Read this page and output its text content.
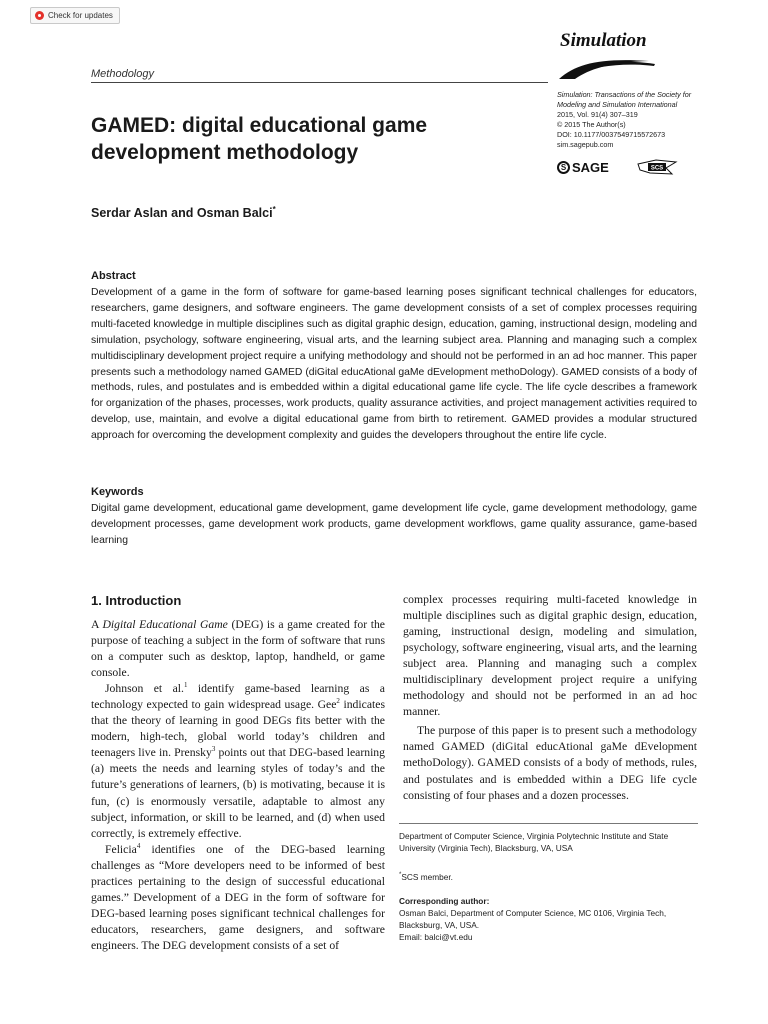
Check for updates
Methodology
Simulation
Simulation: Transactions of the Society for Modeling and Simulation International
2015, Vol. 91(4) 307–319
© 2015 The Author(s)
DOI: 10.1177/0037549715572673
sim.sagepub.com
S SAGE	SCS
GAMED: digital educational game development methodology
Serdar Aslan and Osman Balci*
Abstract
Development of a game in the form of software for game-based learning poses significant technical challenges for educators, researchers, game designers, and software engineers. The game development consists of a set of complex processes requiring multi-faceted knowledge in multiple disciplines such as digital graphic design, education, gaming, instructional design, modeling and simulation, psychology, software engineering, visual arts, and the learning subject area. Planning and managing such a complex multidisciplinary development project require a unifying methodology and should not be performed in an ad hoc manner. This paper presents such a methodology named GAMED (diGital educAtional gaMe dEvelopment methoDology). GAMED consists of a body of methods, rules, and postulates and is embedded within a digital educational game life cycle. The life cycle describes a framework for organization of the phases, processes, work products, quality assurance activities, and project management activities required to develop, use, maintain, and evolve a digital educational game from birth to retirement. GAMED provides a modular structured approach for overcoming the development complexity and guides the developers throughout the entire life cycle.
Keywords
Digital game development, educational game development, game development life cycle, game development methodology, game development processes, game development work products, game development workflows, game quality assurance, game-based learning
1. Introduction

A Digital Educational Game (DEG) is a game created for the purpose of teaching a subject in the form of software that runs on a computer such as desktop, laptop, handheld, or game console.

Johnson et al.$^1$ identify game-based learning as a technology expected to gain widespread usage. Gee$^2$ indicates that the theory of learning in good DEGs fits better with the modern, high-tech, global world today’s children and teenagers live in. Prensky$^3$ points out that DEG-based learning (a) meets the needs and learning styles of today’s and the future’s generations of learners, (b) is motivating, because it is fun, (c) is enormously versatile, adaptable to almost any subject, information, or skill to be learned, and (d) when used correctly, is extremely effective.

Felicia$^4$ identifies one of the DEG-based learning challenges as “More developers need to be informed of best practices pertaining to the design of successful educational games.” Development of a DEG in the form of software for DEG-based learning poses significant technical challenges for educators, researchers, game designers, and software engineers. The DEG development consists of a set of

complex processes requiring multi-faceted knowledge in multiple disciplines such as digital graphic design, education, gaming, instructional design, modeling and simulation, psychology, software engineering, visual arts, and the learning subject area. Planning and managing such a complex multidisciplinary development project require a unifying methodology and should not be performed in an ad hoc manner.

The purpose of this paper is to present such a methodology named GAMED (diGital educAtional gaMe dEvelopment methoDology). GAMED consists of a body of methods, rules, and postulates and is embedded within a DEG life cycle consisting of four phases and a dozen processes.

Department of Computer Science, Virginia Polytechnic Institute and State University (Virginia Tech), Blacksburg, VA, USA
*SCS member.
Corresponding author:
Osman Balci, Department of Computer Science, MC 0106, Virginia Tech, Blacksburg, VA, USA.
Email: balci@vt.edu
